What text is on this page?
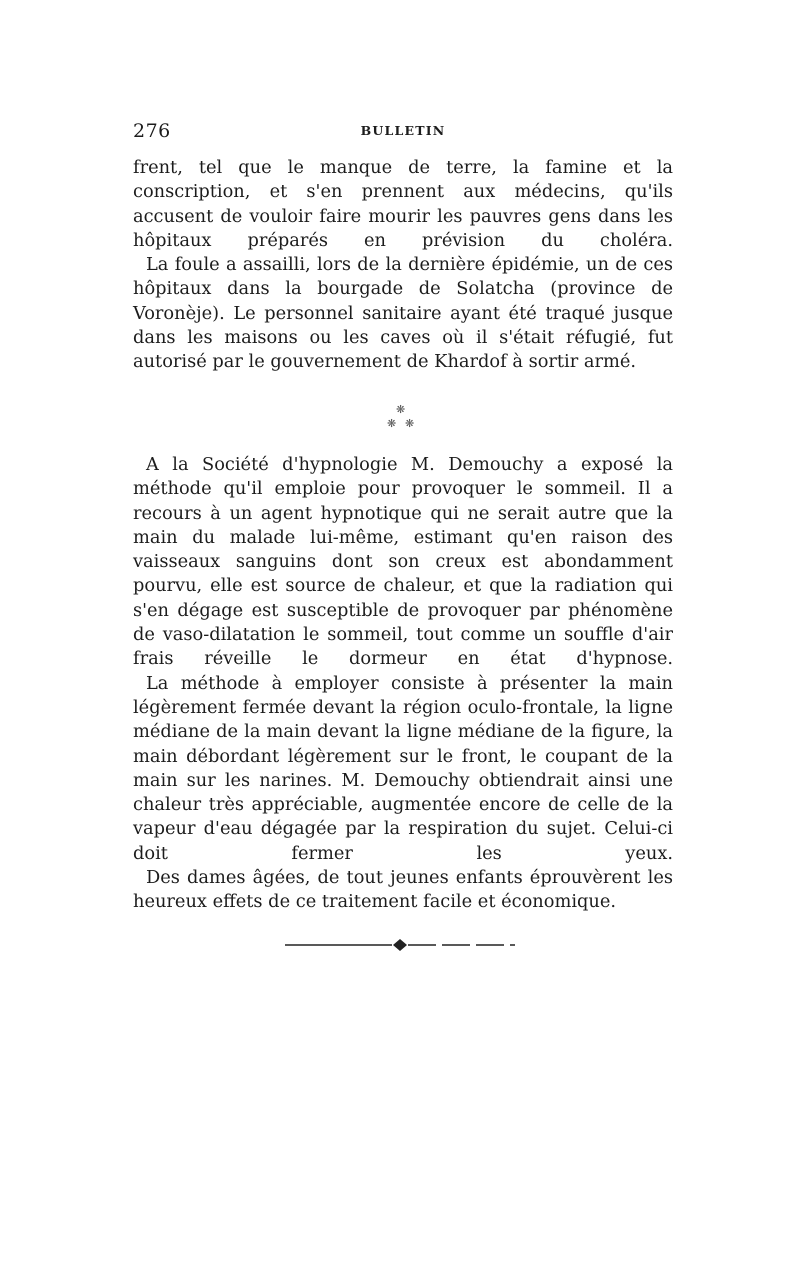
276	BULLETIN

frent, tel que le manque de terre, la famine et la conscription, et s'en prennent aux médecins, qu'ils accusent de vouloir faire mourir les pauvres gens dans les hôpitaux préparés en prévision du choléra.

La foule a assailli, lors de la dernière épidémie, un de ces hôpitaux dans la bourgade de Solatcha (province de Voronèje). Le personnel sanitaire ayant été traqué jusque dans les maisons ou les caves où il s'était réfugié, fut autorisé par le gouvernement de Khardof à sortir armé.

❋
❋ ❋

A la Société d'hypnologie M. Demouchy a exposé la méthode qu'il emploie pour provoquer le sommeil. Il a recours à un agent hypnotique qui ne serait autre que la main du malade lui-même, estimant qu'en raison des vaisseaux sanguins dont son creux est abondamment pourvu, elle est source de chaleur, et que la radiation qui s'en dégage est susceptible de provoquer par phénomène de vaso-dilatation le sommeil, tout comme un souffle d'air frais réveille le dormeur en état d'hypnose.

La méthode à employer consiste à présenter la main légèrement fermée devant la région oculo-frontale, la ligne médiane de la main devant la ligne médiane de la figure, la main débordant légèrement sur le front, le coupant de la main sur les narines. M. Demouchy obtiendrait ainsi une chaleur très appréciable, augmentée encore de celle de la vapeur d'eau dégagée par la respiration du sujet. Celui-ci doit fermer les yeux.

Des dames âgées, de tout jeunes enfants éprouvèrent les heureux effets de ce traitement facile et économique.
